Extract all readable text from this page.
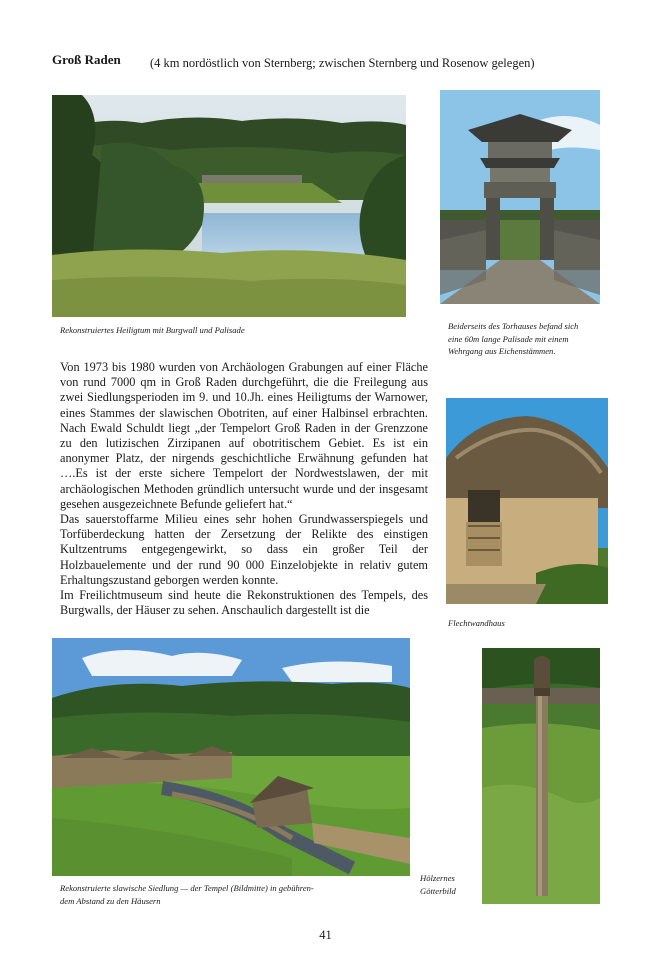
Groß Raden (4 km nordöstlich von Sternberg; zwischen Sternberg und Rosenow gelegen)
Rekonstruiertes Heiligtum mit Burgwall und Palisade	Beiderseits des Torhauses befand sich
eine 60m lange Palisade mit einem
Wehrgang aus Eichenstämmen.

Von 1973 bis 1980 wurden von Archäologen Grabungen auf einer Fläche von rund 7000 qm in Groß Raden durchgeführt, die die Freilegung aus zwei Siedlungsperioden im 9. und 10.Jh. eines Heiligtums der Warnower, eines Stammes der slawischen Obotriten, auf einer Halbinsel erbrachten. Nach Ewald Schuldt liegt „der Tempelort Groß Raden in der Grenzzone zu den lutizischen Zirzipanen auf obotritischem Gebiet. Es ist ein anonymer Platz, der nirgends geschichtliche Erwähnung gefunden hat ….Es ist der erste sichere Tempelort der Nordwestslawen, der mit archäologischen Methoden gründlich untersucht wurde und der insgesamt gesehen ausgezeichnete Befunde geliefert hat.“

Das sauerstoffarme Milieu eines sehr hohen Grundwasserspiegels und Torfüberdeckung hatten der Zersetzung der Relikte des einstigen Kultzentrums entgegengewirkt, so dass ein großer Teil der Holzbauelemente und der rund 90 000 Einzelobjekte in relativ gutem Erhaltungszustand geborgen werden konnte.

Im Freilichtmuseum sind heute die Rekonstruktionen des Tempels, des Burgwalls, der Häuser zu sehen. Anschaulich dargestellt ist die

Flechtwandhaus
Rekonstruierte slawische Siedlung — der Tempel (Bildmitte) in gebühren-
dem Abstand zu den Häusern
Hölzernes
Götterbild
41
